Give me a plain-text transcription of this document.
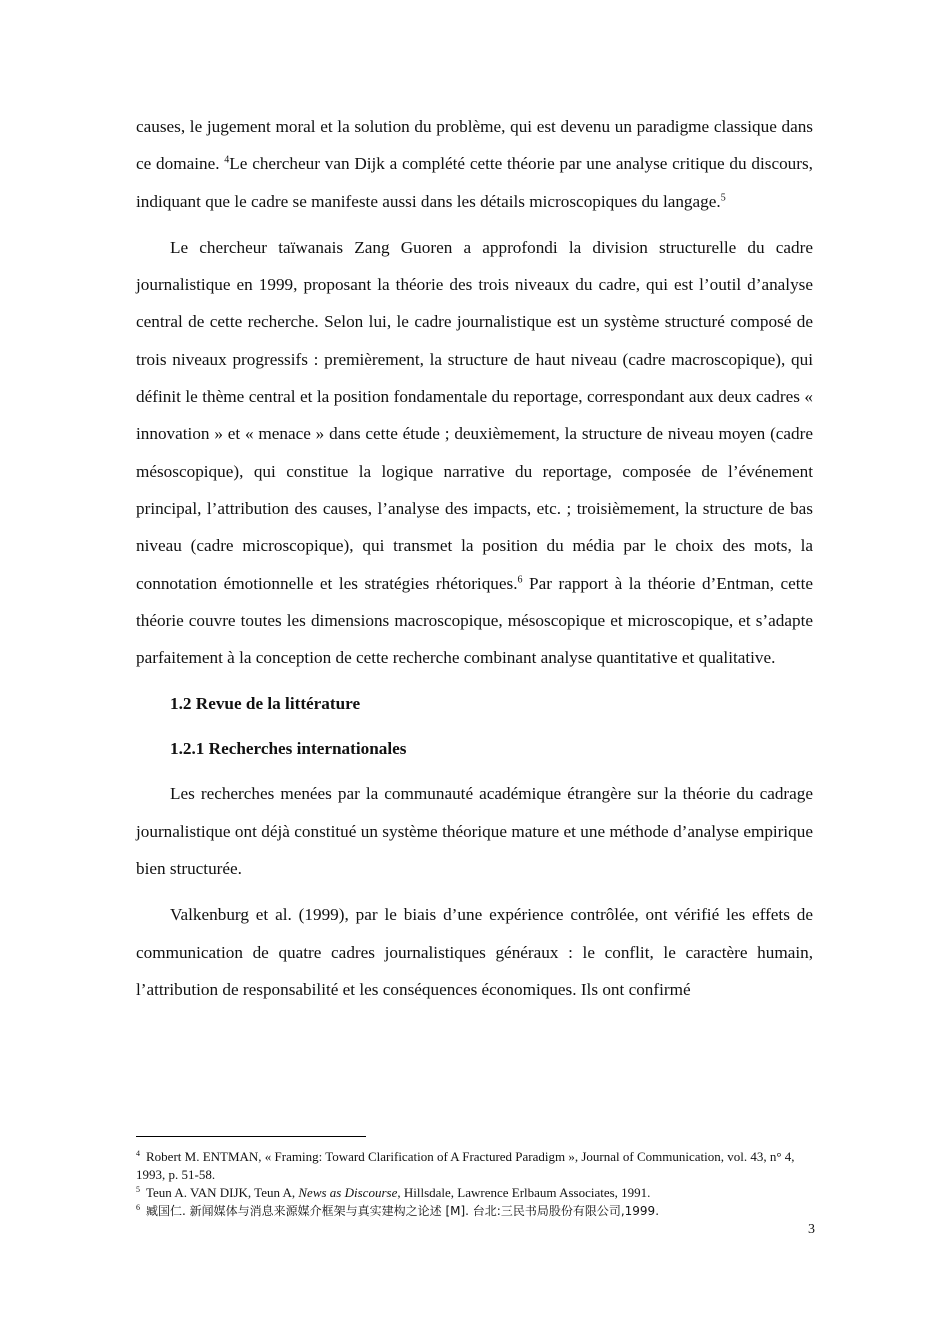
causes, le jugement moral et la solution du problème, qui est devenu un paradigme classique dans ce domaine. $^4$Le chercheur van Dijk a complété cette théorie par une analyse critique du discours, indiquant que le cadre se manifeste aussi dans les détails microscopiques du langage.$^5$

Le chercheur taïwanais Zang Guoren a approfondi la division structurelle du cadre journalistique en 1999, proposant la théorie des trois niveaux du cadre, qui est l’outil d’analyse central de cette recherche. Selon lui, le cadre journalistique est un système structuré composé de trois niveaux progressifs : premièrement, la structure de haut niveau (cadre macroscopique), qui définit le thème central et la position fondamentale du reportage, correspondant aux deux cadres « innovation » et « menace » dans cette étude ; deuxièmement, la structure de niveau moyen (cadre mésoscopique), qui constitue la logique narrative du reportage, composée de l’événement principal, l’attribution des causes, l’analyse des impacts, etc. ; troisièmement, la structure de bas niveau (cadre microscopique), qui transmet la position du média par le choix des mots, la connotation émotionnelle et les stratégies rhétoriques.$^6$ Par rapport à la théorie d’Entman, cette théorie couvre toutes les dimensions macroscopique, mésoscopique et microscopique, et s’adapte parfaitement à la conception de cette recherche combinant analyse quantitative et qualitative.

1.2 Revue de la littérature
1.2.1 Recherches internationales

Les recherches menées par la communauté académique étrangère sur la théorie du cadrage journalistique ont déjà constitué un système théorique mature et une méthode d’analyse empirique bien structurée.

Valkenburg et al. (1999), par le biais d’une expérience contrôlée, ont vérifié les effets de communication de quatre cadres journalistiques généraux : le conflit, le caractère humain, l’attribution de responsabilité et les conséquences économiques. Ils ont confirmé

$^4$ Robert M. ENTMAN, « Framing: Toward Clarification of A Fractured Paradigm », Journal of Communication, vol. 43, n° 4, 1993, p. 51-58.

$^5$ Teun A. VAN DIJK, Teun A, News as Discourse, Hillsdale, Lawrence Erlbaum Associates, 1991.

$^6$ 臧国仁. 新闻媒体与消息来源媒介框架与真实建构之论述 [M]. 台北:三民书局股份有限公司,1999.

3
